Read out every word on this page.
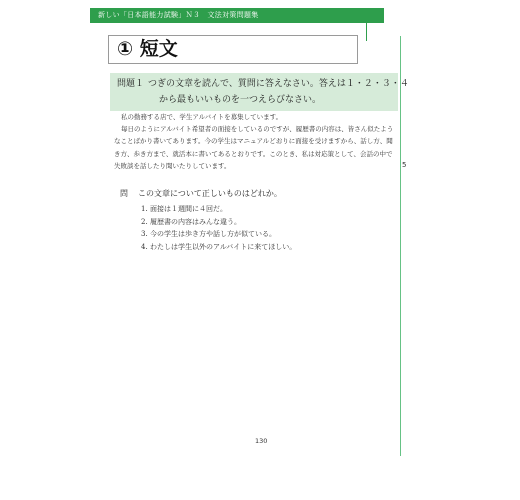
新しい「日本語能力試験」Ｎ３　文法対策問題集
① 短文
5
問題１ つぎの文章を読んで、質問に答えなさい。答えは１・２・３・４
から最もいいものを一つえらびなさい。

私の勤務する店で、学生アルバイトを募集しています。

毎日のようにアルバイト希望者の面接をしているのですが、履歴書の内容は、皆さん似たようなことばかり書いてあります。今の学生はマニュアルどおりに面接を受けますから、話し方、聞き方、歩き方まで、就活本に書いてあるとおりです。このとき、私は対応策として、会話の中で失敗談を話したり聞いたりしています。

問 この文章について正しいものはどれか。
1. 面接は１週間に４回だ。
2. 履歴書の内容はみんな違う。
3. 今の学生は歩き方や話し方が似ている。
4. わたしは学生以外のアルバイトに来てほしい。
130
